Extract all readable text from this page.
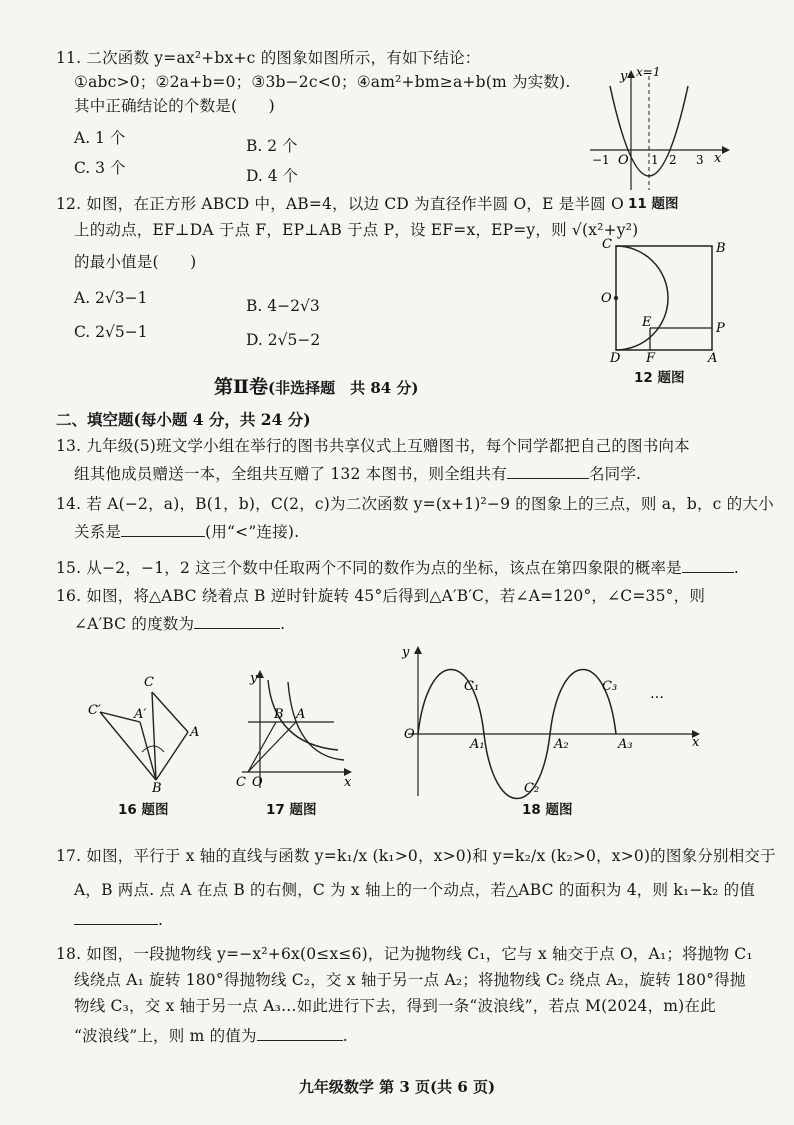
11. 二次函数 y=ax²+bx+c 的图象如图所示，有如下结论：
①abc>0；②2a+b=0；③3b−2c<0；④am²+bm≥a+b(m 为实数).
其中正确结论的个数是(　　)
A. 1 个	B. 2 个
C. 3 个	D. 4 个
x
y x=1
O
−1	1 2 3
11 题图
12. 如图，在正方形 ABCD 中，AB=4，以边 CD 为直径作半圆 O，E 是半圆 O
上的动点，EF⊥DA 于点 F，EP⊥AB 于点 P，设 EF=x，EP=y，则 √(x²+y²)
的最小值是(　　)
A. 2√3−1	B. 4−2√3
C. 2√5−1	D. 2√5−2
C	B
O
E	P
D F	A
12 题图
第Ⅱ卷(非选择题　共 84 分)
二、填空题(每小题 4 分，共 24 分)
13. 九年级(5)班文学小组在举行的图书共享仪式上互赠图书，每个同学都把自己的图书向本
组其他成员赠送一本，全组共互赠了 132 本图书，则全组共有	名同学.
14. 若 A(−2，a)，B(1，b)，C(2，c)为二次函数 y=(x+1)²−9 的图象上的三点，则 a，b，c 的大小
关系是	(用“<”连接).
15. 从−2，−1，2 这三个数中任取两个不同的数作为点的坐标，该点在第四象限的概率是	.
16. 如图，将△ABC 绕着点 B 逆时针旋转 45°后得到△A′B′C，若∠A=120°，∠C=35°，则
∠A′BC 的度数为	.
C
C′	A′
A
B
16 题图
y
x
B A
C O
17 题图
y
x
O
C₁
C₂
C₃ …
A₁	A₂	A₃
18 题图
17. 如图，平行于 x 轴的直线与函数 y=k₁/x (k₁>0，x>0)和 y=k₂/x (k₂>0，x>0)的图象分别相交于
A，B 两点. 点 A 在点 B 的右侧，C 为 x 轴上的一个动点，若△ABC 的面积为 4，则 k₁−k₂ 的值
.
18. 如图，一段抛物线 y=−x²+6x(0≤x≤6)，记为抛物线 C₁，它与 x 轴交于点 O，A₁；将抛物 C₁
线绕点 A₁ 旋转 180°得抛物线 C₂，交 x 轴于另一点 A₂；将抛物线 C₂ 绕点 A₂，旋转 180°得抛
物线 C₃，交 x 轴于另一点 A₃…如此进行下去，得到一条“波浪线”，若点 M(2024，m)在此
“波浪线”上，则 m 的值为	.
九年级数学 第 3 页(共 6 页)
